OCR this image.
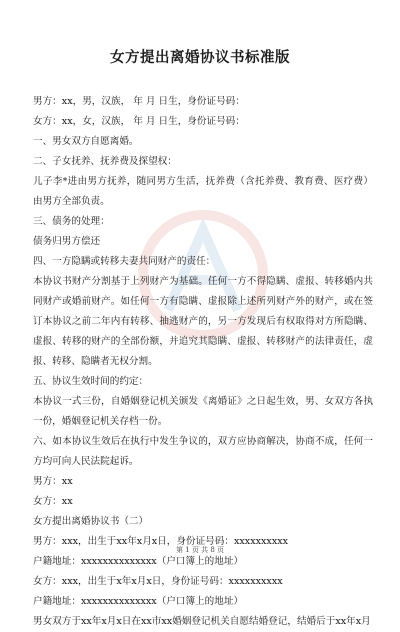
女方提出离婚协议书标准版

男方：xx，男，汉族， 年 月 日生，身份证号码：

女方：xx，女，汉族， 年 月 日生，身份证号码：

一、男女双方自愿离婚。

二、子女抚养、抚养费及探望权：

儿子李*进由男方抚养，随同男方生活，抚养费（含托养费、教育费、医疗费）由男方全部负责。

三、债务的处理：

债务归男方偿还

四、一方隐瞒或转移夫妻共同财产的责任：

本协议书财产分割基于上列财产为基础。任何一方不得隐瞒、虚报、转移婚内共同财产或婚前财产。如任何一方有隐瞒、虚报除上述所列财产外的财产，或在签订本协议之前二年内有转移、抽逃财产的，另一方发现后有权取得对方所隐瞒、虚报、转移的财产的全部份额，并追究其隐瞒、虚报、转移财产的法律责任，虚报、转移、隐瞒者无权分割。

五、协议生效时间的约定：

本协议一式三份，自婚姻登记机关颁发《离婚证》之日起生效，男、女双方各执一份，婚姻登记机关存档一份。

六、如本协议生效后在执行中发生争议的，双方应协商解决，协商不成，任何一方均可向人民法院起诉。

男方：xx

女方：xx

女方提出离婚协议书（二）

男方：xxx，出生于xx年x月x日，身份证号码：xxxxxxxxxx

户籍地址：xxxxxxxxxxxxxx（户口簿上的地址）

女方：xxx，出生于x年x月x日，身份证号码：xxxxxxxxxx

户籍地址：xxxxxxxxxxxxxx（户口簿上的地址）

男女双方于xx年x月x日在xx市xx婚姻登记机关自愿结婚登记，结婚后于xx年x月

第 1 页 共 8 页
